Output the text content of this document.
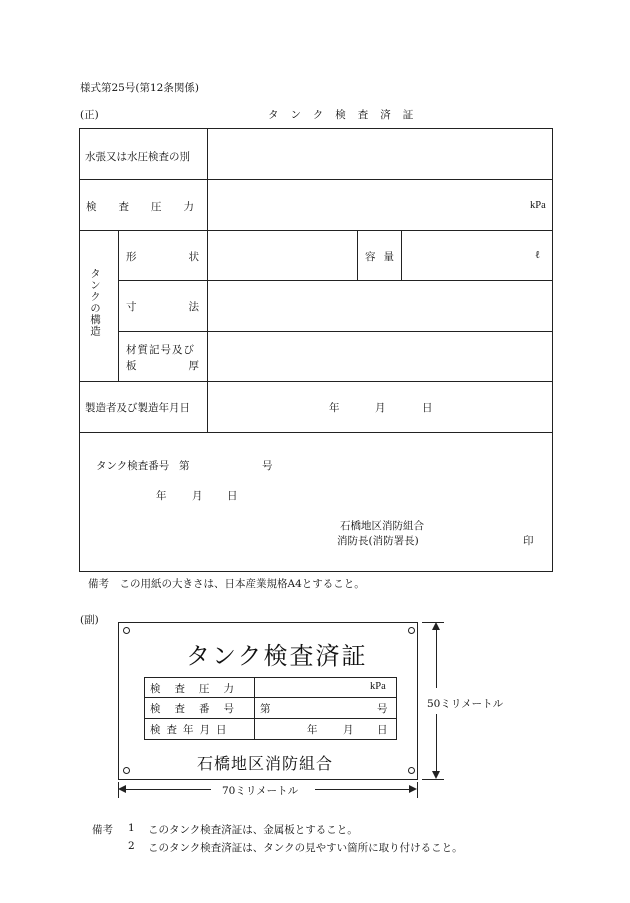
様式第25号(第12条関係)
(正)	タンク検査済証
水張又は水圧検査の別
検査圧力	kPa
タンクの構造
形状	容量	ℓ
寸法
材質記号及び
板厚
製造者及び製造年月日	年	月	日
タンク検査番号 第	号
年 月 日
石橋地区消防組合
消防長(消防署長)	印
備考　この用紙の大きさは、日本産業規格A4とすること。
(副)
タンク検査済証
検査圧力	kPa
検査番号 第	号
検査年月日	年 月 日
石橋地区消防組合
50ミリメートル
70ミリメートル
備考 1 このタンク検査済証は、金属板とすること。
2 このタンク検査済証は、タンクの見やすい箇所に取り付けること。
